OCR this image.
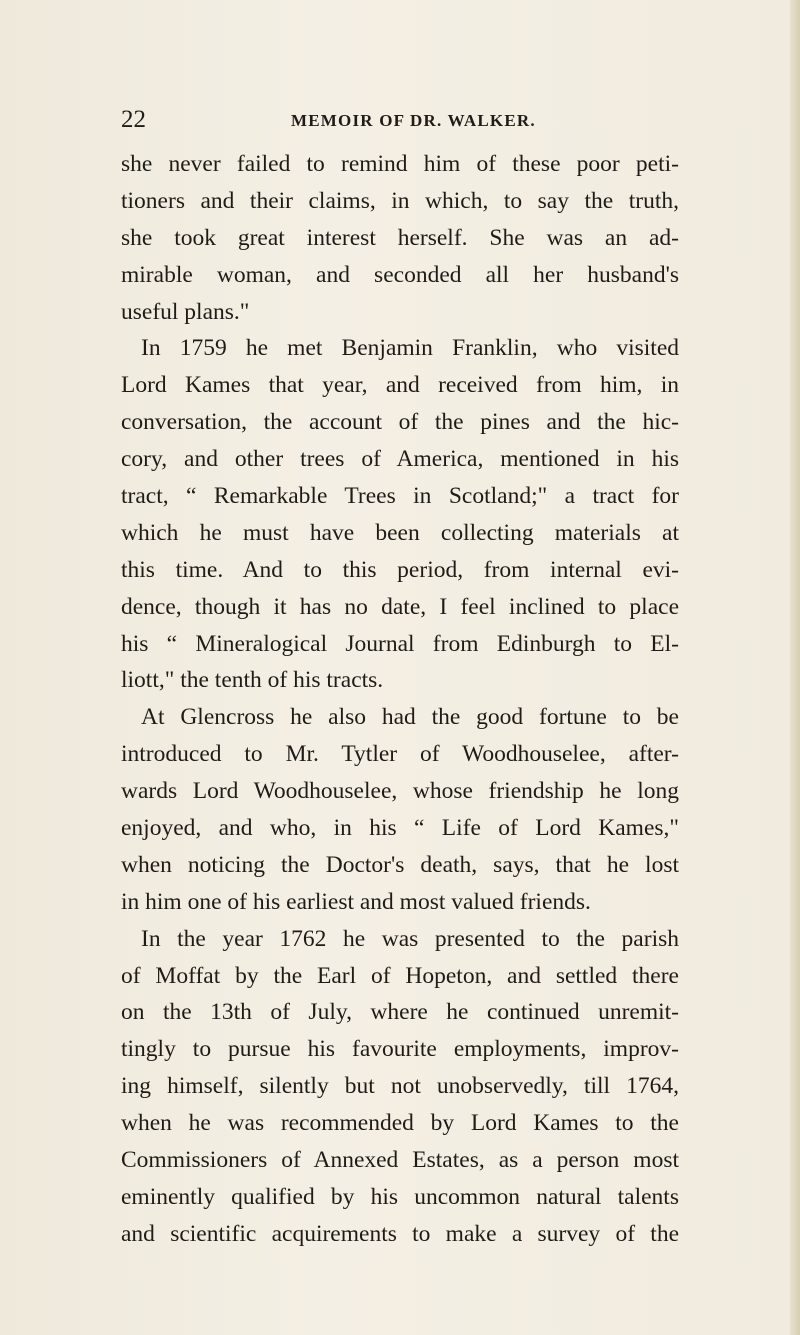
22	MEMOIR OF DR. WALKER.
she never failed to remind him of these poor peti-
tioners and their claims, in which, to say the truth,
she took great interest herself. She was an ad-
mirable woman, and seconded all her husband's
useful plans."
In 1759 he met Benjamin Franklin, who visited
Lord Kames that year, and received from him, in
conversation, the account of the pines and the hic-
cory, and other trees of America, mentioned in his
tract, “ Remarkable Trees in Scotland;" a tract for
which he must have been collecting materials at
this time. And to this period, from internal evi-
dence, though it has no date, I feel inclined to place
his “ Mineralogical Journal from Edinburgh to El-
liott," the tenth of his tracts.
At Glencross he also had the good fortune to be
introduced to Mr. Tytler of Woodhouselee, after-
wards Lord Woodhouselee, whose friendship he long
enjoyed, and who, in his “ Life of Lord Kames,"
when noticing the Doctor's death, says, that he lost
in him one of his earliest and most valued friends.
In the year 1762 he was presented to the parish
of Moffat by the Earl of Hopeton, and settled there
on the 13th of July, where he continued unremit-
tingly to pursue his favourite employments, improv-
ing himself, silently but not unobservedly, till 1764,
when he was recommended by Lord Kames to the
Commissioners of Annexed Estates, as a person most
eminently qualified by his uncommon natural talents
and scientific acquirements to make a survey of the
